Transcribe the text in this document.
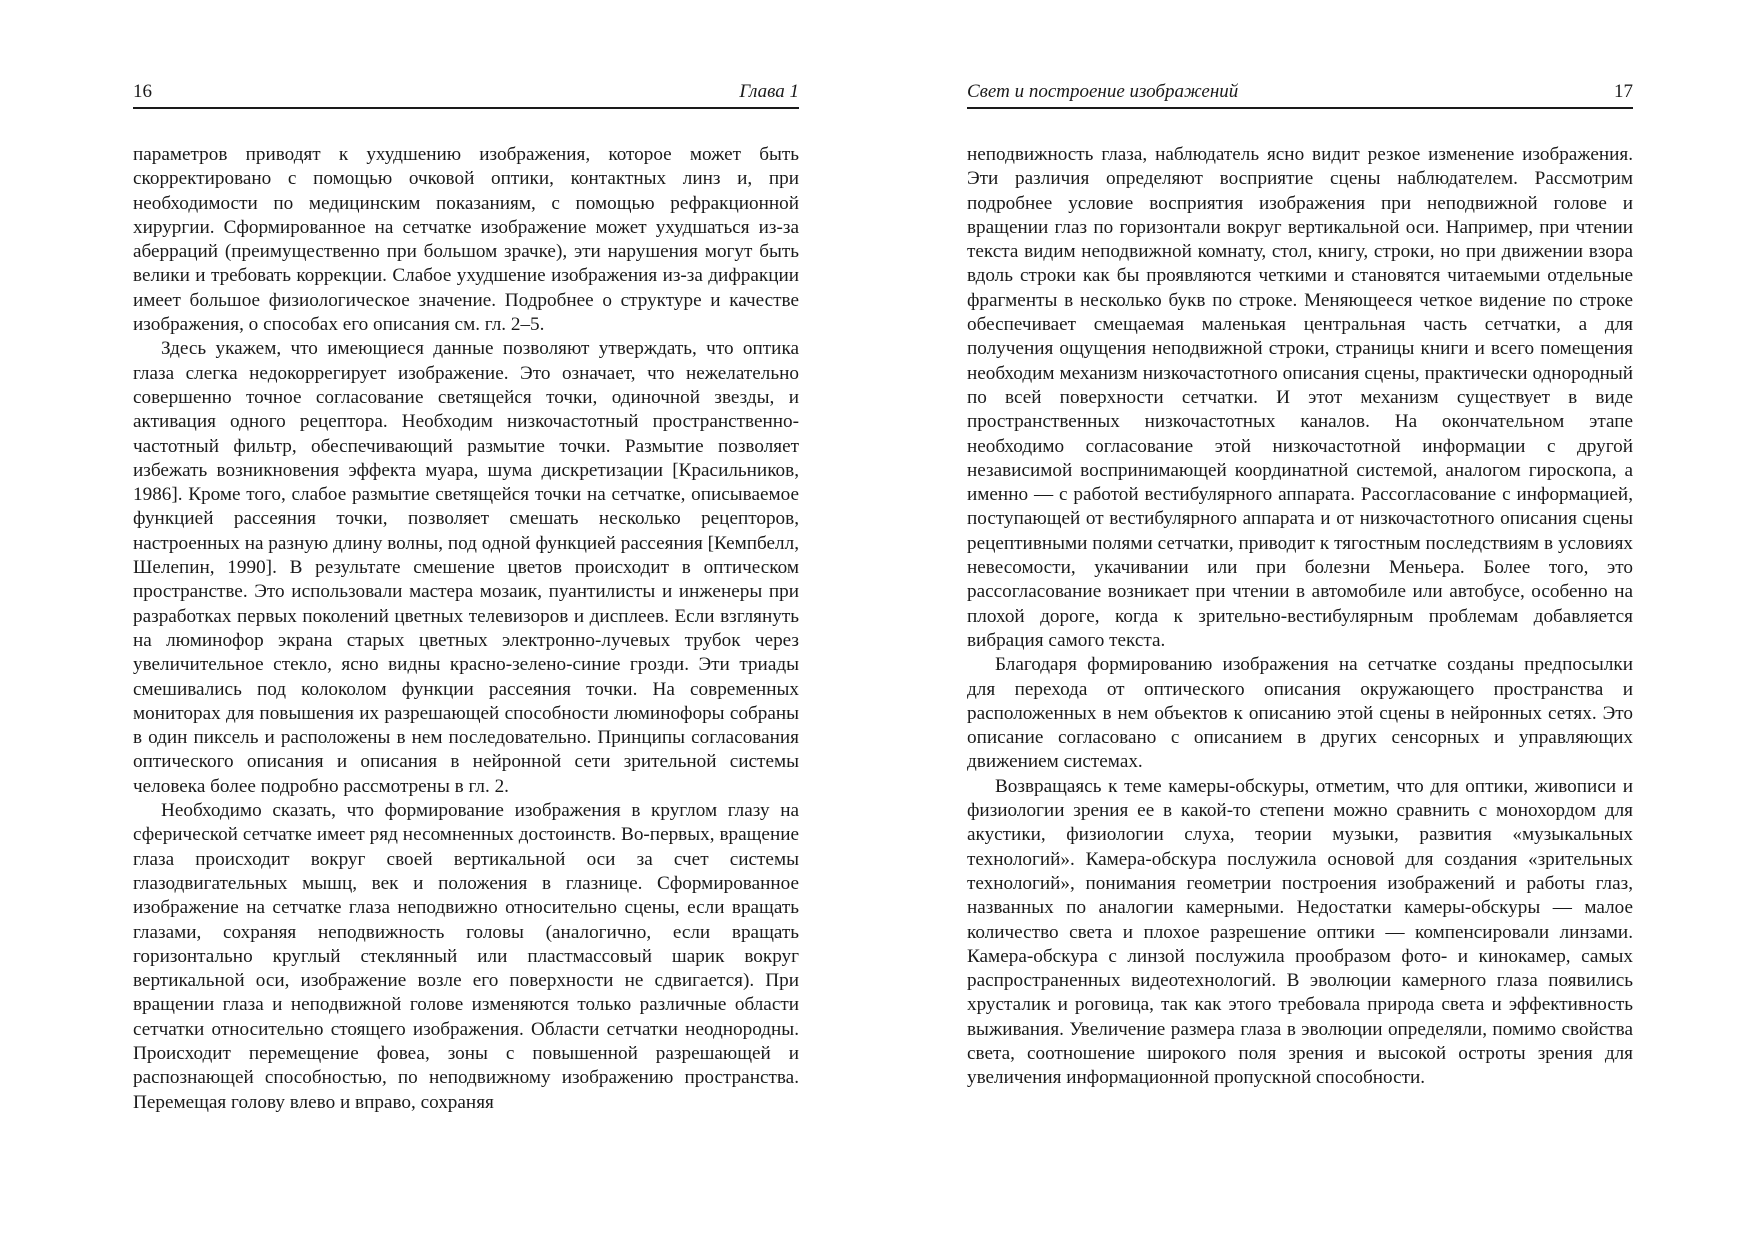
16	Глава 1

параметров приводят к ухудшению изображения, которое может быть скорректировано с помощью очковой оптики, контактных линз и, при необходимости по медицинским показаниям, с помощью рефракционной хирургии. Сформированное на сетчатке изображение может ухудшаться из-за аберраций (преимущественно при большом зрачке), эти нарушения могут быть велики и требовать коррекции. Слабое ухудшение изображения из-за дифракции имеет большое физиологическое значение. Подробнее о структуре и качестве изображения, о способах его описания см. гл. 2–5.

Здесь укажем, что имеющиеся данные позволяют утверждать, что оптика глаза слегка недокоррегирует изображение. Это означает, что нежелательно совершенно точное согласование светящейся точки, одиночной звезды, и активация одного рецептора. Необходим низкочастотный пространственно-частотный фильтр, обеспечивающий размытие точки. Размытие позволяет избежать возникновения эффекта муара, шума дискретизации [Красильников, 1986]. Кроме того, слабое размытие светящейся точки на сетчатке, описываемое функцией рассеяния точки, позволяет смешать несколько рецепторов, настроенных на разную длину волны, под одной функцией рассеяния [Кемпбелл, Шелепин, 1990]. В результате смешение цветов происходит в оптическом пространстве. Это использовали мастера мозаик, пуантилисты и инженеры при разработках первых поколений цветных телевизоров и дисплеев. Если взглянуть на люминофор экрана старых цветных электронно-лучевых трубок через увеличительное стекло, ясно видны красно-зелено-синие грозди. Эти триады смешивались под колоколом функции рассеяния точки. На современных мониторах для повышения их разрешающей способности люминофоры собраны в один пиксель и расположены в нем последовательно. Принципы согласования оптического описания и описания в нейронной сети зрительной системы человека более подробно рассмотрены в гл. 2.

Необходимо сказать, что формирование изображения в круглом глазу на сферической сетчатке имеет ряд несомненных достоинств. Во-первых, вращение глаза происходит вокруг своей вертикальной оси за счет системы глазодвигательных мышц, век и положения в глазнице. Сформированное изображение на сетчатке глаза неподвижно относительно сцены, если вращать глазами, сохраняя неподвижность головы (аналогично, если вращать горизонтально круглый стеклянный или пластмассовый шарик вокруг вертикальной оси, изображение возле его поверхности не сдвигается). При вращении глаза и неподвижной голове изменяются только различные области сетчатки относительно стоящего изображения. Области сетчатки неоднородны. Происходит перемещение фовеа, зоны с повышенной разрешающей и распознающей способностью, по неподвижному изображению пространства. Перемещая голову влево и вправо, сохраняя

Свет и построение изображений	17

неподвижность глаза, наблюдатель ясно видит резкое изменение изображения. Эти различия определяют восприятие сцены наблюдателем. Рассмотрим подробнее условие восприятия изображения при неподвижной голове и вращении глаз по горизонтали вокруг вертикальной оси. Например, при чтении текста видим неподвижной комнату, стол, книгу, строки, но при движении взора вдоль строки как бы проявляются четкими и становятся читаемыми отдельные фрагменты в несколько букв по строке. Меняющееся четкое видение по строке обеспечивает смещаемая маленькая центральная часть сетчатки, а для получения ощущения неподвижной строки, страницы книги и всего помещения необходим механизм низкочастотного описания сцены, практически однородный по всей поверхности сетчатки. И этот механизм существует в виде пространственных низкочастотных каналов. На окончательном этапе необходимо согласование этой низкочастотной информации с другой независимой воспринимающей координатной системой, аналогом гироскопа, а именно — с работой вестибулярного аппарата. Рассогласование с информацией, поступающей от вестибулярного аппарата и от низкочастотного описания сцены рецептивными полями сетчатки, приводит к тягостным последствиям в условиях невесомости, укачивании или при болезни Меньера. Более того, это рассогласование возникает при чтении в автомобиле или автобусе, особенно на плохой дороге, когда к зрительно-вестибулярным проблемам добавляется вибрация самого текста.

Благодаря формированию изображения на сетчатке созданы предпосылки для перехода от оптического описания окружающего пространства и расположенных в нем объектов к описанию этой сцены в нейронных сетях. Это описание согласовано с описанием в других сенсорных и управляющих движением системах.

Возвращаясь к теме камеры-обскуры, отметим, что для оптики, живописи и физиологии зрения ее в какой-то степени можно сравнить с монохордом для акустики, физиологии слуха, теории музыки, развития «музыкальных технологий». Камера-обскура послужила основой для создания «зрительных технологий», понимания геометрии построения изображений и работы глаз, названных по аналогии камерными. Недостатки камеры-обскуры — малое количество света и плохое разрешение оптики — компенсировали линзами. Камера-обскура с линзой послужила прообразом фото- и кинокамер, самых распространенных видеотехнологий. В эволюции камерного глаза появились хрусталик и роговица, так как этого требовала природа света и эффективность выживания. Увеличение размера глаза в эволюции определяли, помимо свойства света, соотношение широкого поля зрения и высокой остроты зрения для увеличения информационной пропускной способности.
